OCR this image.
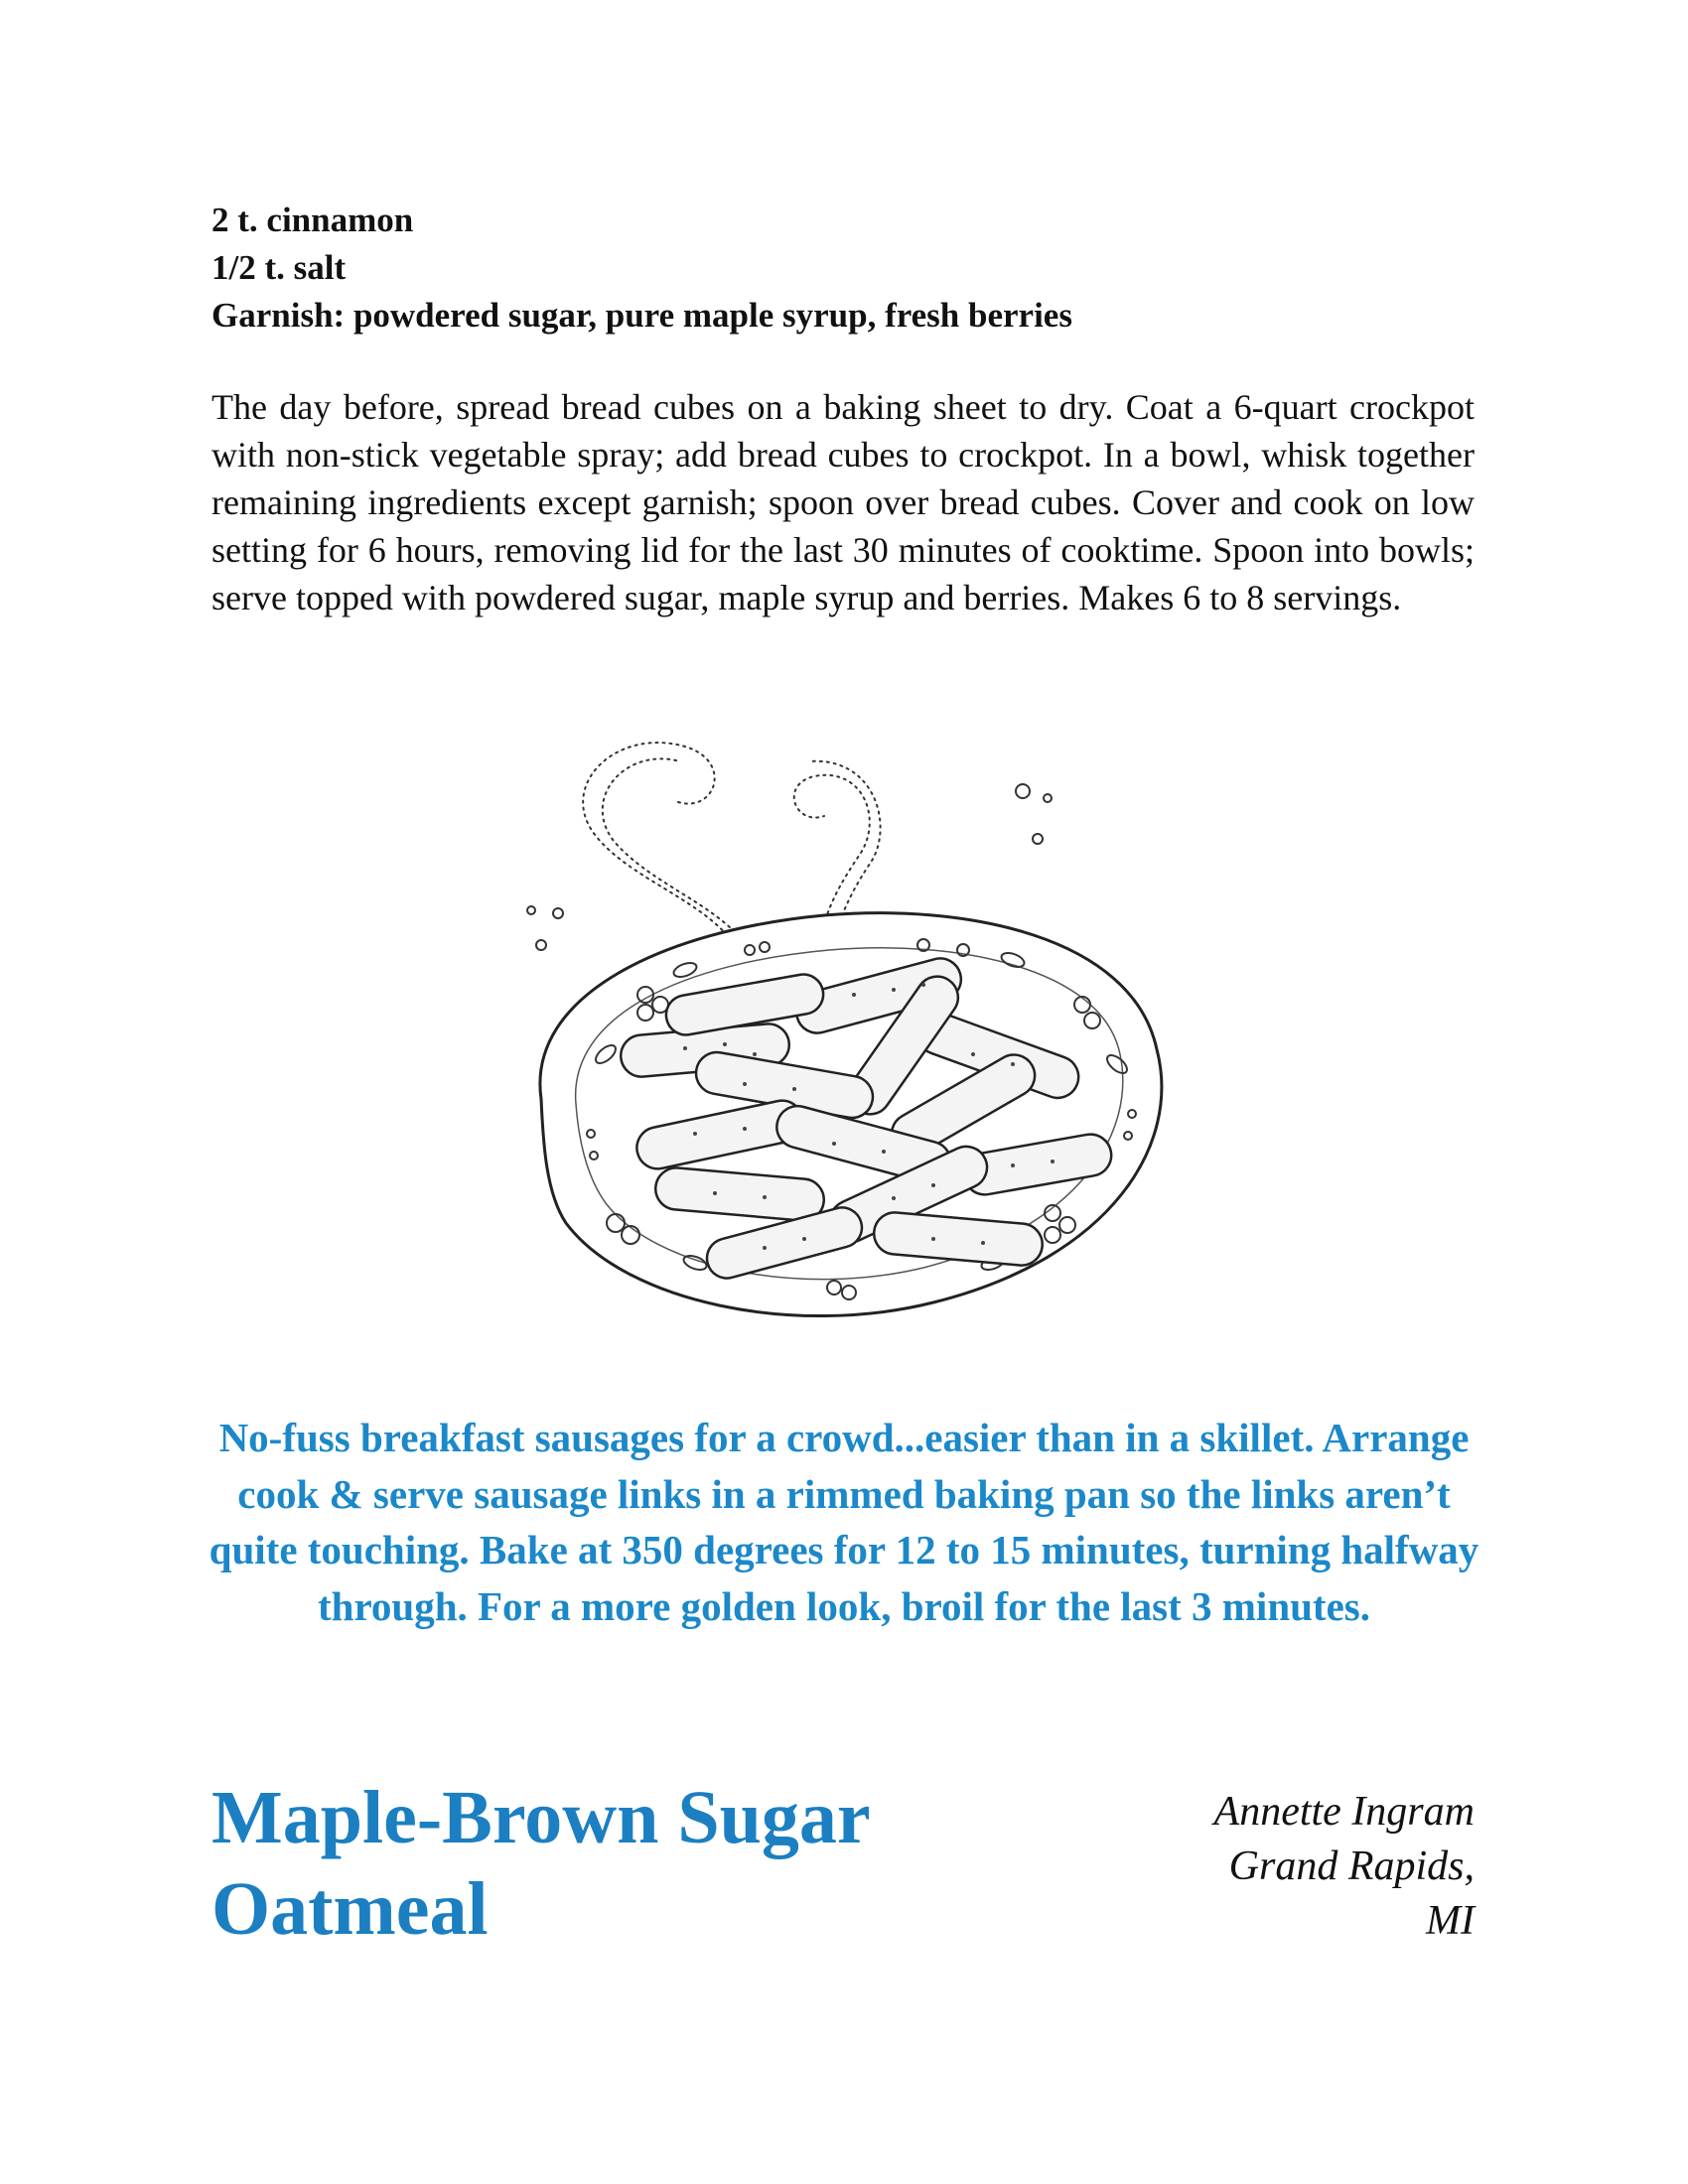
2 t. cinnamon
1/2 t. salt
Garnish: powdered sugar, pure maple syrup, fresh berries
The day before, spread bread cubes on a baking sheet to dry. Coat a 6-quart crockpot with non-stick vegetable spray; add bread cubes to crockpot. In a bowl, whisk together remaining ingredients except garnish; spoon over bread cubes. Cover and cook on low setting for 6 hours, removing lid for the last 30 minutes of cooktime. Spoon into bowls; serve topped with powdered sugar, maple syrup and berries. Makes 6 to 8 servings.
No-fuss breakfast sausages for a crowd...easier than in a skillet. Arrange cook & serve sausage links in a rimmed baking pan so the links aren’t quite touching. Bake at 350 degrees for 12 to 15 minutes, turning halfway through. For a more golden look, broil for the last 3 minutes.
Maple-Brown Sugar
Oatmeal
Annette Ingram
Grand Rapids,
MI
